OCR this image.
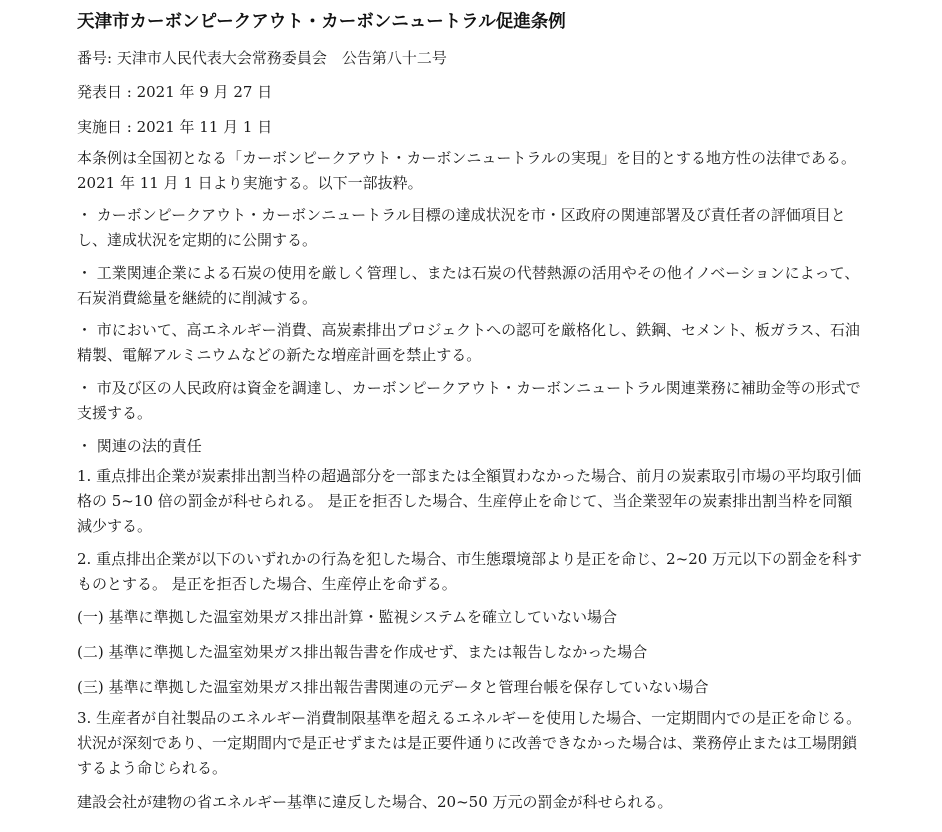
天津市カーボンピークアウト・カーボンニュートラル促進条例

番号: 天津市人民代表大会常務委員会　公告第八十二号

発表日 : 2021 年 9 月 27 日

実施日 : 2021 年 11 月 1 日

本条例は全国初となる「カーボンピークアウト・カーボンニュートラルの実現」を目的とする地方性の法律である。2021 年 11 月 1 日より実施する。以下一部抜粋。

・ カーボンピークアウト・カーボンニュートラル目標の達成状況を市・区政府の関連部署及び責任者の評価項目とし、達成状況を定期的に公開する。

・ 工業関連企業による石炭の使用を厳しく管理し、または石炭の代替熱源の活用やその他イノベーションによって、石炭消費総量を継続的に削減する。

・ 市において、高エネルギー消費、高炭素排出プロジェクトへの認可を厳格化し、鉄鋼、セメント、板ガラス、石油精製、電解アルミニウムなどの新たな増産計画を禁止する。

・ 市及び区の人民政府は資金を調達し、カーボンピークアウト・カーボンニュートラル関連業務に補助金等の形式で支援する。

・ 関連の法的責任

1. 重点排出企業が炭素排出割当枠の超過部分を一部または全額買わなかった場合、前月の炭素取引市場の平均取引価格の 5~10 倍の罰金が科せられる。 是正を拒否した場合、生産停止を命じて、当企業翌年の炭素排出割当枠を同額減少する。

2. 重点排出企業が以下のいずれかの行為を犯した場合、市生態環境部より是正を命じ、2~20 万元以下の罰金を科すものとする。 是正を拒否した場合、生産停止を命ずる。

(一) 基準に準拠した温室効果ガス排出計算・監視システムを確立していない場合

(二) 基準に準拠した温室効果ガス排出報告書を作成せず、または報告しなかった場合

(三) 基準に準拠した温室効果ガス排出報告書関連の元データと管理台帳を保存していない場合

3. 生産者が自社製品のエネルギー消費制限基準を超えるエネルギーを使用した場合、一定期間内での是正を命じる。 状況が深刻であり、一定期間内で是正せずまたは是正要件通りに改善できなかった場合は、業務停止または工場閉鎖するよう命じられる。

建設会社が建物の省エネルギー基準に違反した場合、20~50 万元の罰金が科せられる。
